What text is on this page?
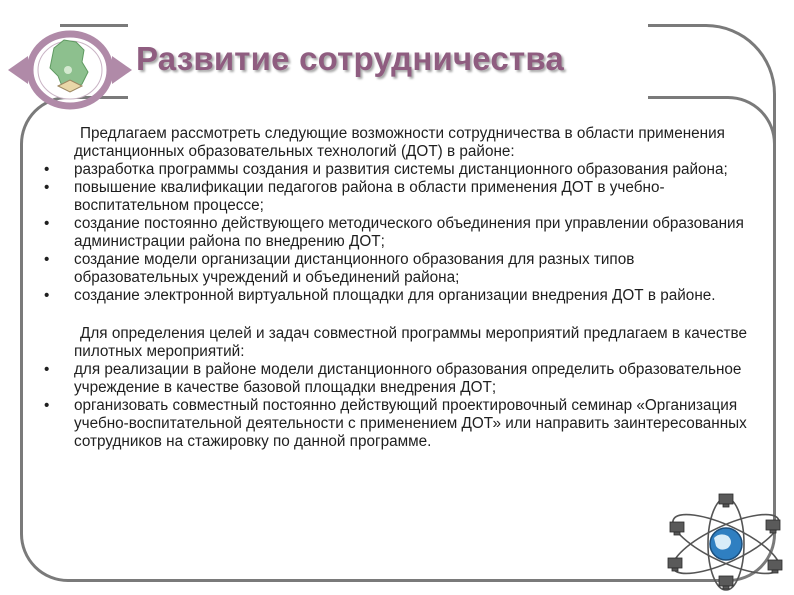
Развитие сотрудничества

Предлагаем рассмотреть следующие возможности сотрудничества в области применения дистанционных образовательных технологий (ДОТ) в районе:

• разработка программы создания и развития системы дистанционного образования района;
• повышение квалификации педагогов района в области применения ДОТ в учебно-воспитательном процессе;
• создание постоянно действующего методического объединения при управлении образования администрации района по внедрению ДОТ;
• создание модели организации дистанционного образования для разных типов образовательных учреждений и объединений района;
• создание электронной виртуальной площадки для организации внедрения ДОТ в районе.

Для определения целей и задач совместной программы мероприятий предлагаем в качестве пилотных мероприятий:

• для реализации в районе модели дистанционного образования определить образовательное учреждение в качестве базовой площадки внедрения ДОТ;
• организовать совместный постоянно действующий проектировочный семинар «Организация учебно-воспитательной деятельности с применением ДОТ» или направить заинтересованных сотрудников на стажировку по данной программе.
